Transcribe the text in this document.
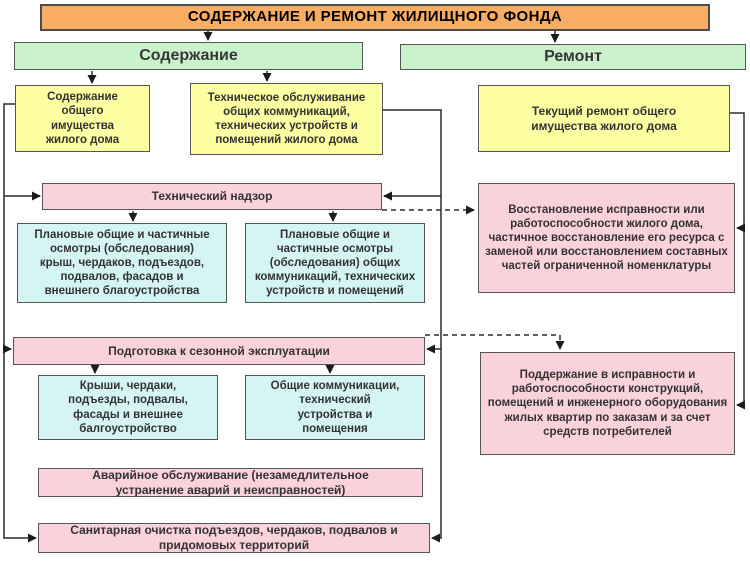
СОДЕРЖАНИЕ И РЕМОНТ ЖИЛИЩНОГО ФОНДА
Содержание	Ремонт
Содержание общего имущества жилого дома
Техническое обслуживание общих коммуникаций, технических устройств и помещений жилого дома
Текущий ремонт общего имущества жилого дома
Технический надзор
Плановые общие и частичные осмотры (обследования) крыш, чердаков, подъездов, подвалов, фасадов и внешнего благоустройства
Плановые общие и частичные осмотры (обследования) общих коммуникаций, технических устройств и помещений
Восстановление исправности или работоспособности жилого дома, частичное восстановление его ресурса с заменой или восстановлением составных частей ограниченной номенклатуры
Подготовка к сезонной эксплуатации
Крыши, чердаки, подъезды, подвалы, фасады и внешнее балгоустройство
Общие коммуникации, технический устройства и помещения
Поддержание в исправности и работоспособности конструкций, помещений и инженерного оборудования жилых квартир по заказам и за счет средств потребителей
Аварийное обслуживание (незамедлительное устранение аварий и неисправностей)
Санитарная очистка подъездов, чердаков, подвалов и придомовых территорий
